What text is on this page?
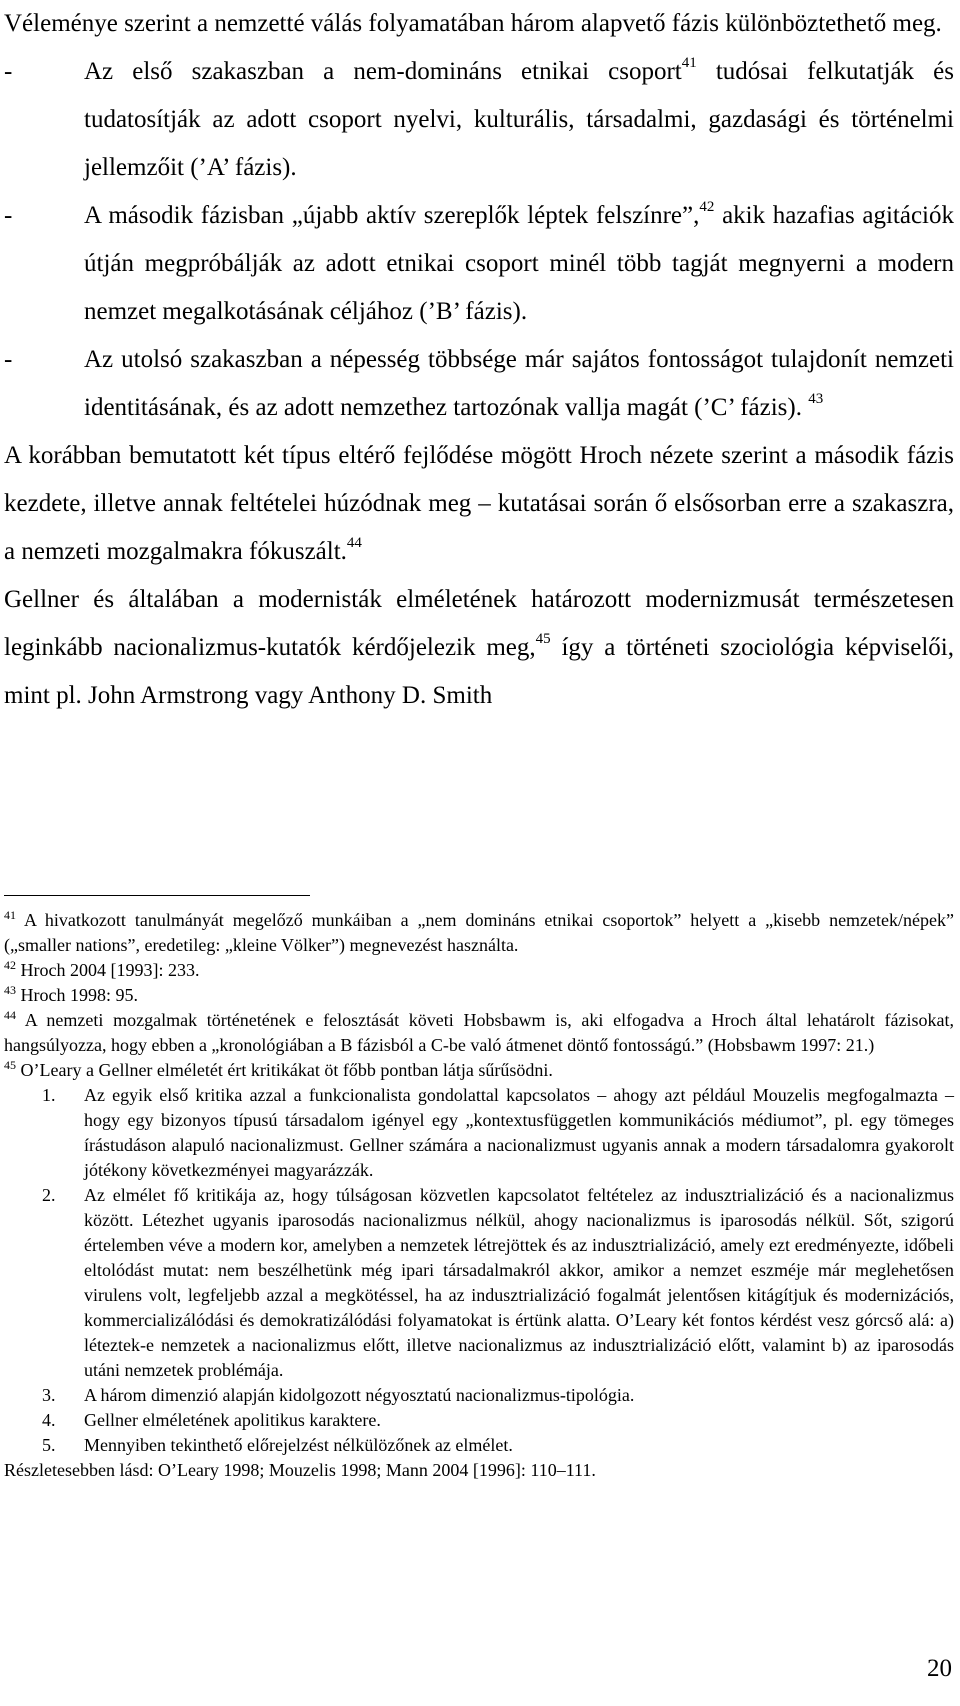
Véleménye szerint a nemzetté válás folyamatában három alapvető fázis különböztethető meg.

-	Az első szakaszban a nem-domináns etnikai csoport$^{41}$ tudósai felkutatják és tudatosítják az adott csoport nyelvi, kulturális, társadalmi, gazdasági és történelmi jellemzőit (’A’ fázis).

-	A második fázisban „újabb aktív szereplők léptek felszínre”,$^{42}$ akik hazafias agitációk útján megpróbálják az adott etnikai csoport minél több tagját megnyerni a modern nemzet megalkotásának céljához (’B’ fázis).

-	Az utolsó szakaszban a népesség többsége már sajátos fontosságot tulajdonít nemzeti identitásának, és az adott nemzethez tartozónak vallja magát (’C’ fázis). $^{43}$

A korábban bemutatott két típus eltérő fejlődése mögött Hroch nézete szerint a második fázis kezdete, illetve annak feltételei húzódnak meg – kutatásai során ő elsősorban erre a szakaszra, a nemzeti mozgalmakra fókuszált.$^{44}$

Gellner és általában a modernisták elméletének határozott modernizmusát természetesen leginkább nacionalizmus-kutatók kérdőjelezik meg,$^{45}$ így a történeti szociológia képviselői, mint pl. John Armstrong vagy Anthony D. Smith

$^{41}$ A hivatkozott tanulmányát megelőző munkáiban a „nem domináns etnikai csoportok” helyett a „kisebb nemzetek/népek” („smaller nations”, eredetileg: „kleine Völker”) megnevezést használta.

$^{42}$ Hroch 2004 [1993]: 233.

$^{43}$ Hroch 1998: 95.

$^{44}$ A nemzeti mozgalmak történetének e felosztását követi Hobsbawm is, aki elfogadva a Hroch által lehatárolt fázisokat, hangsúlyozza, hogy ebben a „kronológiában a B fázisból a C-be való átmenet döntő fontosságú.” (Hobsbawm 1997: 21.)

$^{45}$ O’Leary a Gellner elméletét ért kritikákat öt főbb pontban látja sűrűsödni.

1. Az egyik első kritika azzal a funkcionalista gondolattal kapcsolatos – ahogy azt például Mouzelis megfogalmazta – hogy egy bizonyos típusú társadalom igényel egy „kontextusfüggetlen kommunikációs médiumot”, pl. egy tömeges írástudáson alapuló nacionalizmust. Gellner számára a nacionalizmust ugyanis annak a modern társadalomra gyakorolt jótékony következményei magyarázzák.
2. Az elmélet fő kritikája az, hogy túlságosan közvetlen kapcsolatot feltételez az indusztrializáció és a nacionalizmus között. Létezhet ugyanis iparosodás nacionalizmus nélkül, ahogy nacionalizmus is iparosodás nélkül. Sőt, szigorú értelemben véve a modern kor, amelyben a nemzetek létrejöttek és az indusztrializáció, amely ezt eredményezte, időbeli eltolódást mutat: nem beszélhetünk még ipari társadalmakról akkor, amikor a nemzet eszméje már meglehetősen virulens volt, legfeljebb azzal a megkötéssel, ha az indusztrializáció fogalmát jelentősen kitágítjuk és modernizációs, kommercializálódási és demokratizálódási folyamatokat is értünk alatta. O’Leary két fontos kérdést vesz górcső alá: a) léteztek-e nemzetek a nacionalizmus előtt, illetve nacionalizmus az indusztrializáció előtt, valamint b) az iparosodás utáni nemzetek problémája.
3. A három dimenzió alapján kidolgozott négyosztatú nacionalizmus-tipológia.
4. Gellner elméletének apolitikus karaktere.
5. Mennyiben tekinthető előrejelzést nélkülözőnek az elmélet.

Részletesebben lásd: O’Leary 1998; Mouzelis 1998; Mann 2004 [1996]: 110–111.

20
